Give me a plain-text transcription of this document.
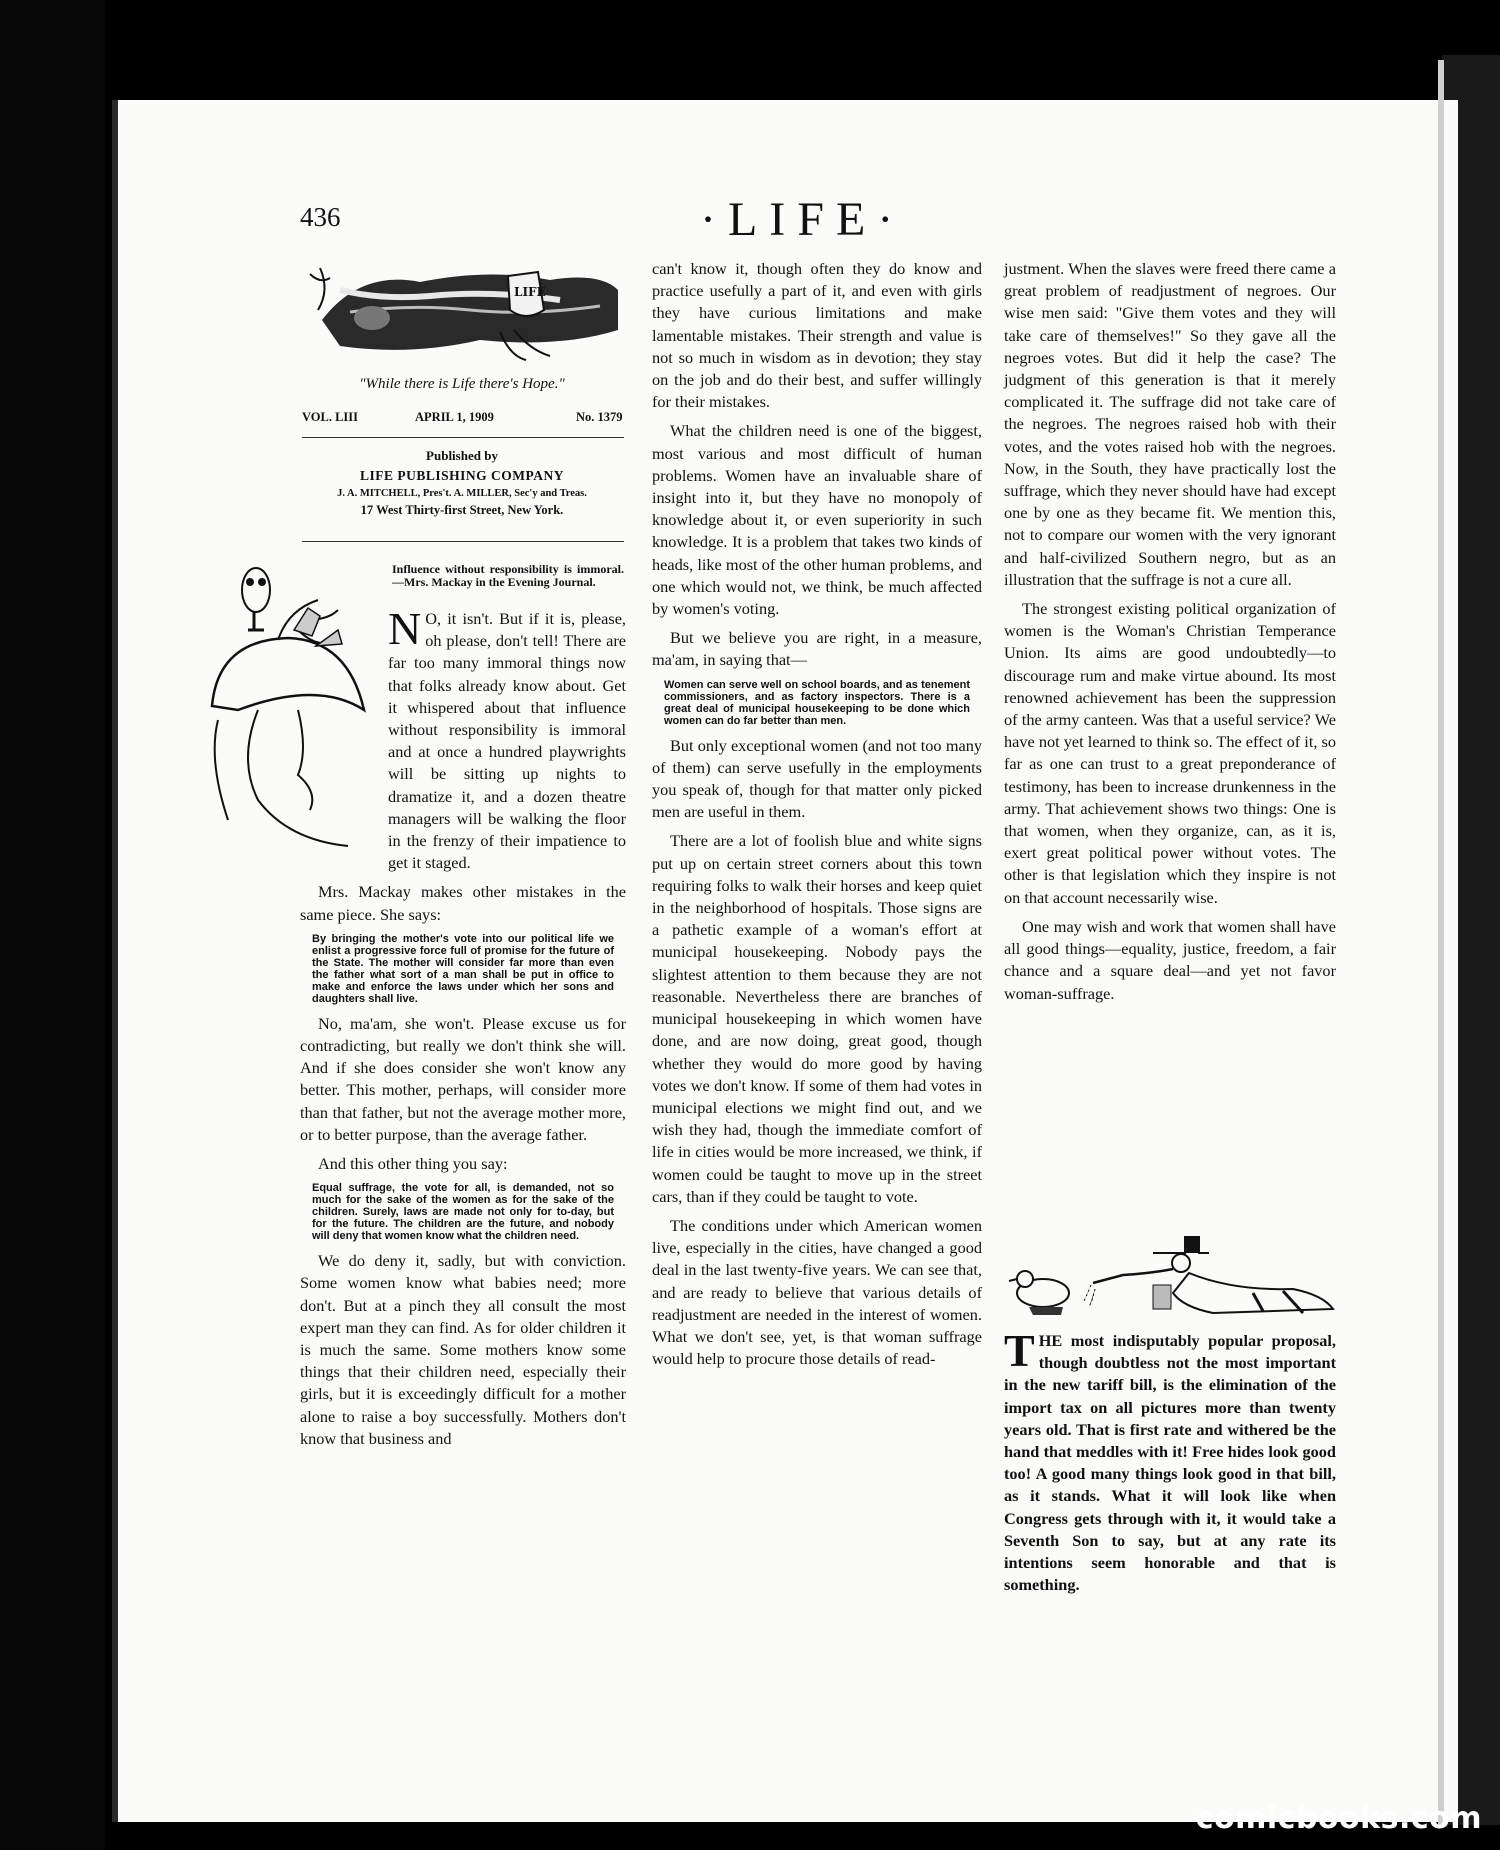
436	·LIFE·
LIFE
"While there is Life there's Hope."
VOL. LIII	APRIL 1, 1909	No. 1379
Published by
LIFE PUBLISHING COMPANY
J. A. MITCHELL, Pres't. A. MILLER, Sec'y and Treas.
17 West Thirty-first Street, New York.
Influence without responsibility is immoral.—Mrs. Mackay in the Evening Journal.

N O, it isn't. But if it is, please, oh please, don't tell! There are far too many immoral things now that folks already know about. Get it whispered about that influence without responsibility is immoral and at once a hundred playwrights will be sitting up nights to dramatize it, and a dozen theatre managers will be walking the floor in the frenzy of their impatience to get it staged.

Mrs. Mackay makes other mistakes in the same piece. She says:

By bringing the mother's vote into our political life we enlist a progressive force full of promise for the future of the State. The mother will consider far more than even the father what sort of a man shall be put in office to make and enforce the laws under which her sons and daughters shall live.

No, ma'am, she won't. Please excuse us for contradicting, but really we don't think she will. And if she does consider she won't know any better. This mother, perhaps, will consider more than that father, but not the average mother more, or to better purpose, than the average father.

And this other thing you say:

Equal suffrage, the vote for all, is demanded, not so much for the sake of the women as for the sake of the children. Surely, laws are made not only for to-day, but for the future. The children are the future, and nobody will deny that women know what the children need.

We do deny it, sadly, but with conviction. Some women know what babies need; more don't. But at a pinch they all consult the most expert man they can find. As for older children it is much the same. Some mothers know some things that their children need, especially their girls, but it is exceedingly difficult for a mother alone to raise a boy successfully. Mothers don't know that business and

can't know it, though often they do know and practice usefully a part of it, and even with girls they have curious limitations and make lamentable mistakes. Their strength and value is not so much in wisdom as in devotion; they stay on the job and do their best, and suffer willingly for their mistakes.

What the children need is one of the biggest, most various and most difficult of human problems. Women have an invaluable share of insight into it, but they have no monopoly of knowledge about it, or even superiority in such knowledge. It is a problem that takes two kinds of heads, like most of the other human problems, and one which would not, we think, be much affected by women's voting.

But we believe you are right, in a measure, ma'am, in saying that—

Women can serve well on school boards, and as tenement commissioners, and as factory inspectors. There is a great deal of municipal housekeeping to be done which women can do far better than men.

But only exceptional women (and not too many of them) can serve usefully in the employments you speak of, though for that matter only picked men are useful in them.

There are a lot of foolish blue and white signs put up on certain street corners about this town requiring folks to walk their horses and keep quiet in the neighborhood of hospitals. Those signs are a pathetic example of a woman's effort at municipal housekeeping. Nobody pays the slightest attention to them because they are not reasonable. Nevertheless there are branches of municipal housekeeping in which women have done, and are now doing, great good, though whether they would do more good by having votes we don't know. If some of them had votes in municipal elections we might find out, and we wish they had, though the immediate comfort of life in cities would be more increased, we think, if women could be taught to move up in the street cars, than if they could be taught to vote.

The conditions under which American women live, especially in the cities, have changed a good deal in the last twenty-five years. We can see that, and are ready to believe that various details of readjustment are needed in the interest of women. What we don't see, yet, is that woman suffrage would help to procure those details of read-

justment. When the slaves were freed there came a great problem of readjustment of negroes. Our wise men said: "Give them votes and they will take care of themselves!" So they gave all the negroes votes. But did it help the case? The judgment of this generation is that it merely complicated it. The suffrage did not take care of the negroes. The negroes raised hob with their votes, and the votes raised hob with the negroes. Now, in the South, they have practically lost the suffrage, which they never should have had except one by one as they became fit. We mention this, not to compare our women with the very ignorant and half-civilized Southern negro, but as an illustration that the suffrage is not a cure all.

The strongest existing political organization of women is the Woman's Christian Temperance Union. Its aims are good undoubtedly—to discourage rum and make virtue abound. Its most renowned achievement has been the suppression of the army canteen. Was that a useful service? We have not yet learned to think so. The effect of it, so far as one can trust to a great preponderance of testimony, has been to increase drunkenness in the army. That achievement shows two things: One is that women, when they organize, can, as it is, exert great political power without votes. The other is that legislation which they inspire is not on that account necessarily wise.

One may wish and work that women shall have all good things—equality, justice, freedom, a fair chance and a square deal—and yet not favor woman-suffrage.

THE most indisputably popular proposal, though doubtless not the most important in the new tariff bill, is the elimination of the import tax on all pictures more than twenty years old. That is first rate and withered be the hand that meddles with it! Free hides look good too! A good many things look good in that bill, as it stands. What it will look like when Congress gets through with it, it would take a Seventh Son to say, but at any rate its intentions seem honorable and that is something.
comicbooks.com
